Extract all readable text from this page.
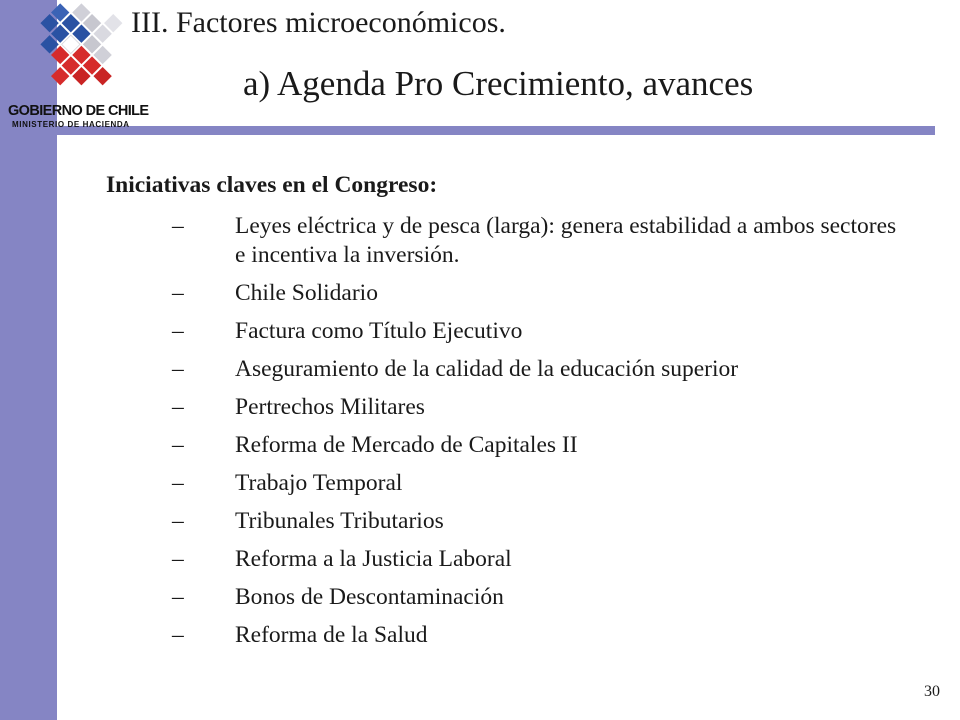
GOBIERNO DE CHILE
MINISTERIO DE HACIENDA
III. Factores microeconómicos.
a) Agenda Pro Crecimiento, avances
Iniciativas claves en el Congreso:
– Leyes eléctrica y de pesca (larga): genera estabilidad a ambos sectores e incentiva la inversión.
– Chile Solidario
– Factura como Título Ejecutivo
– Aseguramiento de la calidad de la educación superior
– Pertrechos Militares
– Reforma de Mercado de Capitales II
– Trabajo Temporal
– Tribunales Tributarios
– Reforma a la Justicia Laboral
– Bonos de Descontaminación
– Reforma de la Salud
30
